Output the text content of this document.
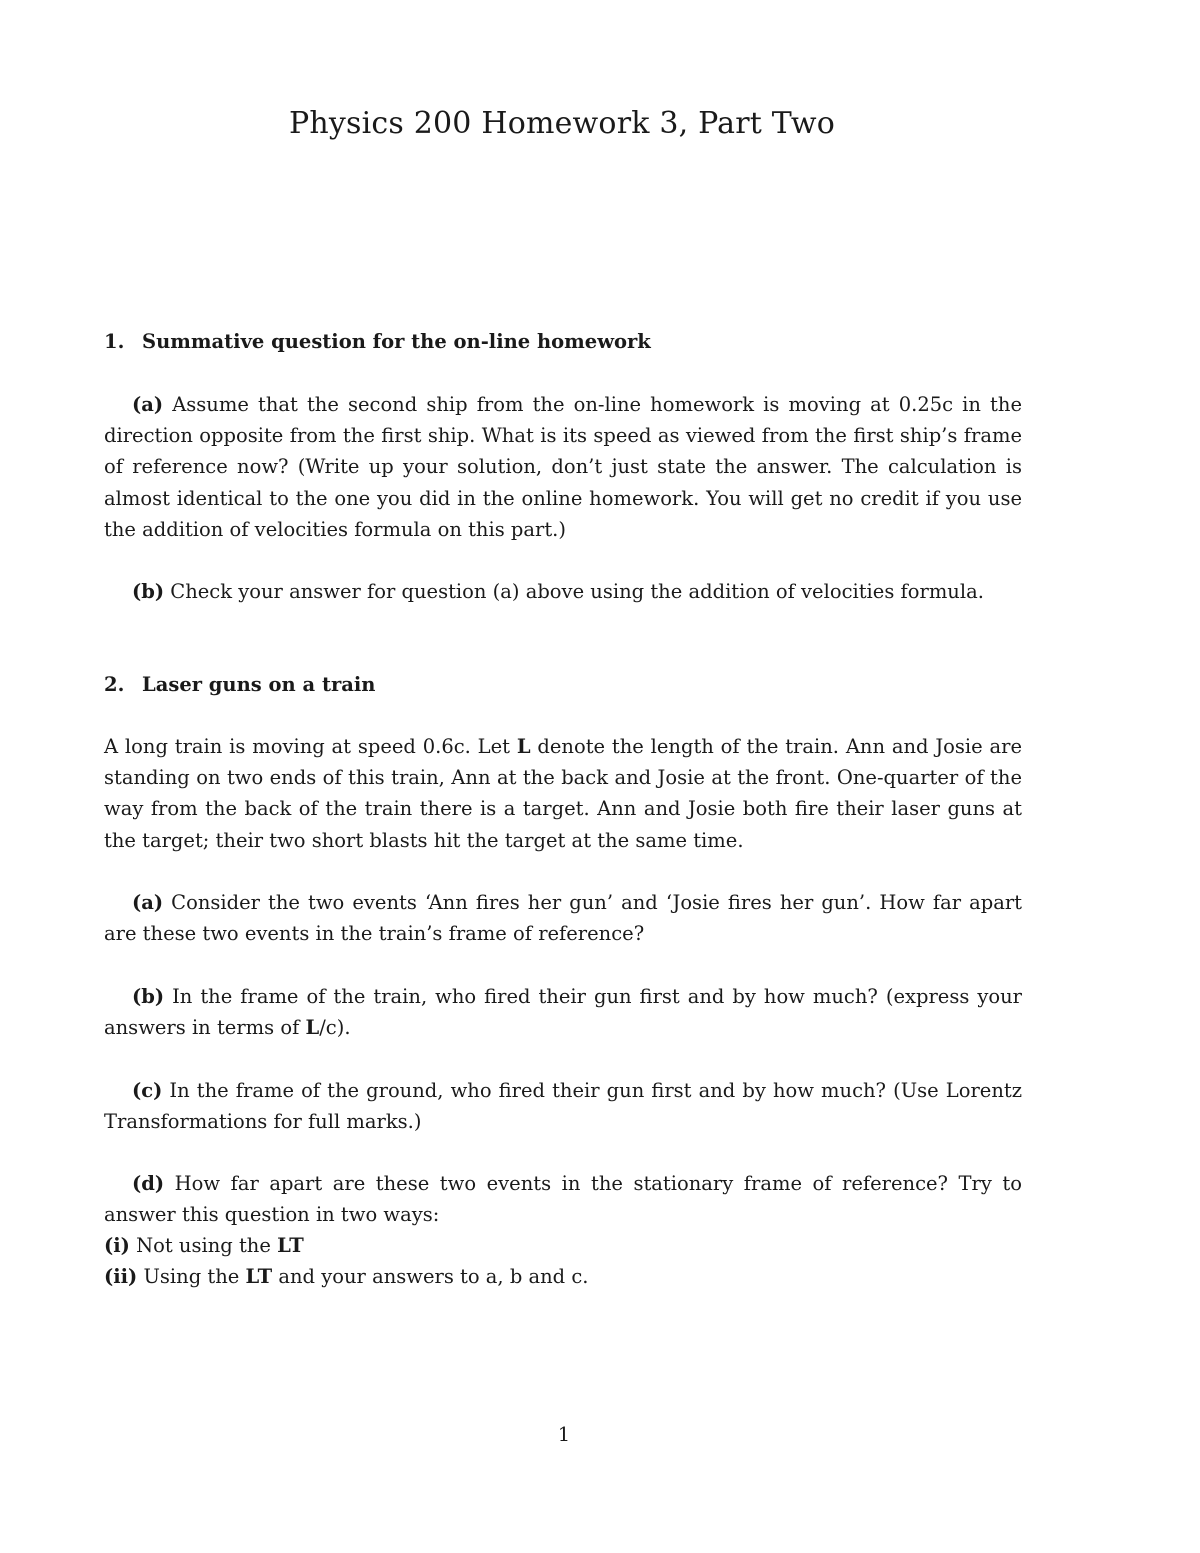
Physics 200 Homework 3, Part Two
1. Summative question for the on-line homework

(a) Assume that the second ship from the on-line homework is moving at 0.25c in the direction opposite from the first ship. What is its speed as viewed from the first ship’s frame of reference now? (Write up your solution, don’t just state the answer. The calculation is almost identical to the one you did in the online homework. You will get no credit if you use the addition of velocities formula on this part.)

(b) Check your answer for question (a) above using the addition of velocities formula.

2. Laser guns on a train

A long train is moving at speed 0.6c. Let L denote the length of the train. Ann and Josie are standing on two ends of this train, Ann at the back and Josie at the front. One-quarter of the way from the back of the train there is a target. Ann and Josie both fire their laser guns at the target; their two short blasts hit the target at the same time.

(a) Consider the two events ‘Ann fires her gun’ and ‘Josie fires her gun’. How far apart are these two events in the train’s frame of reference?

(b) In the frame of the train, who fired their gun first and by how much? (express your answers in terms of L/c).

(c) In the frame of the ground, who fired their gun first and by how much? (Use Lorentz Transformations for full marks.)

(d) How far apart are these two events in the stationary frame of reference? Try to answer this question in two ways:

(i) Not using the LT

(ii) Using the LT and your answers to a, b and c.

1
